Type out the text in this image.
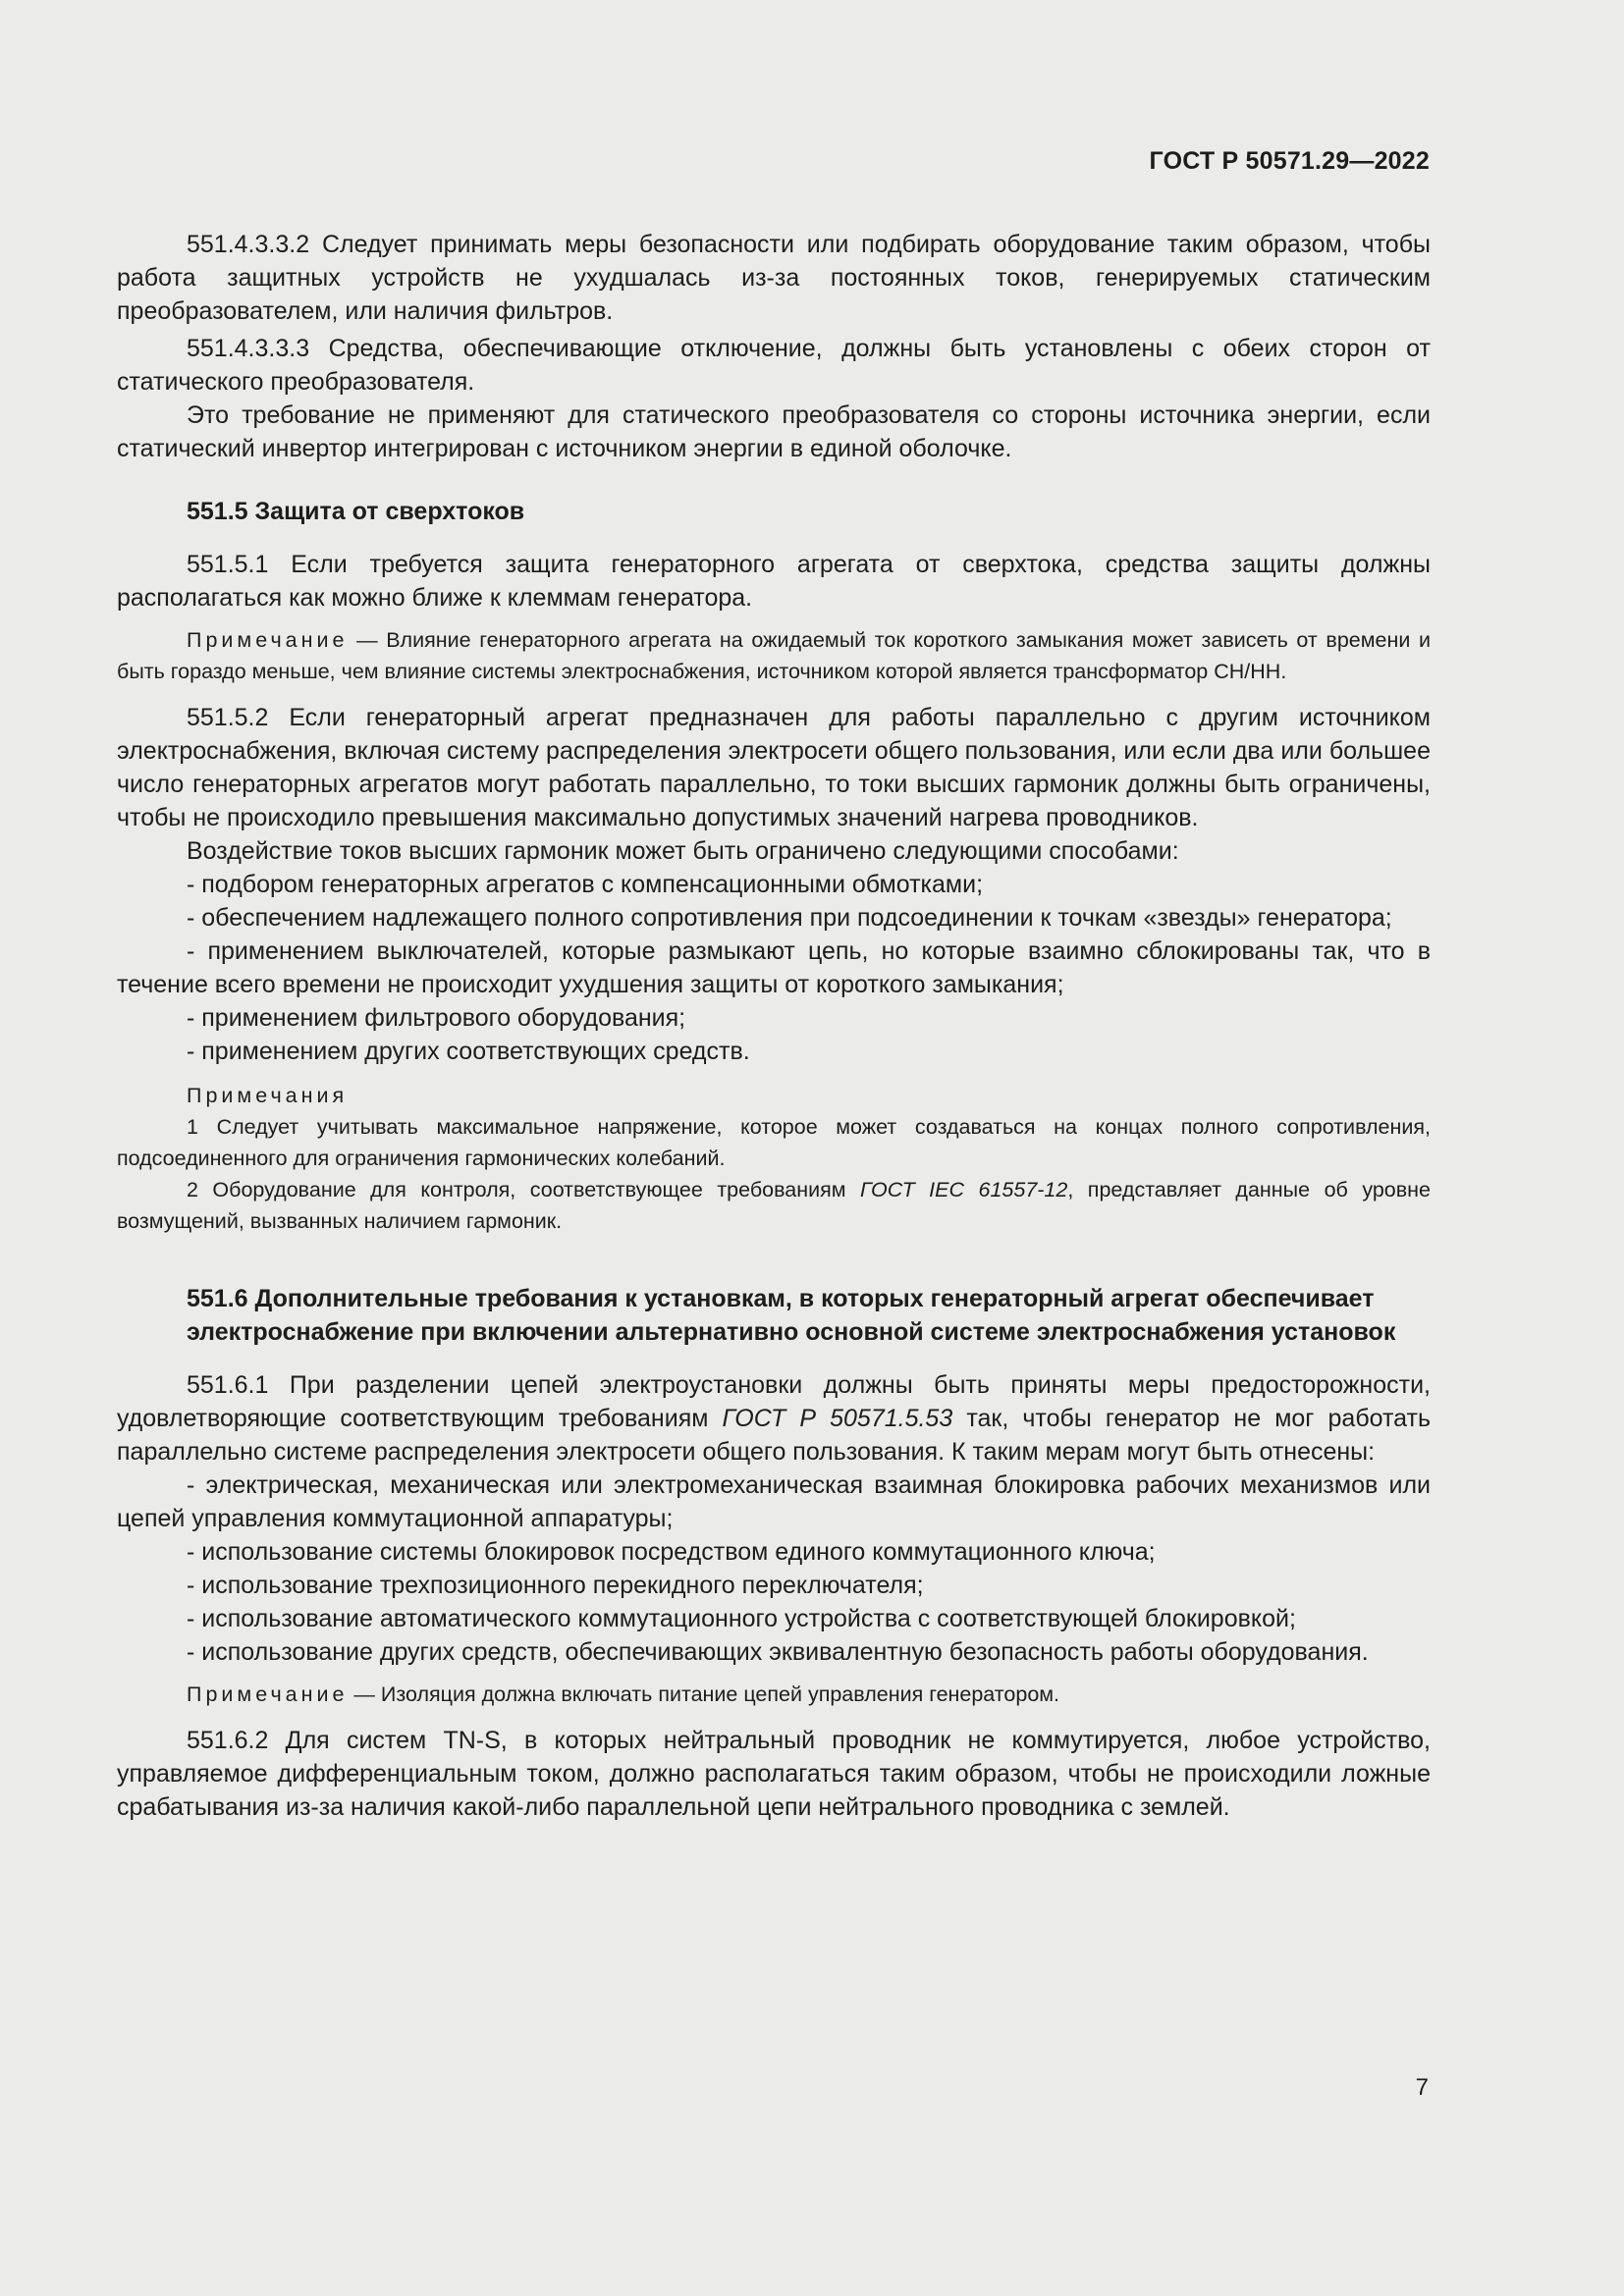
ГОСТ Р 50571.29—2022

551.4.3.3.2 Следует принимать меры безопасности или подбирать оборудование таким образом, чтобы работа защитных устройств не ухудшалась из-за постоянных токов, генерируемых статическим преобразователем, или наличия фильтров.

551.4.3.3.3 Средства, обеспечивающие отключение, должны быть установлены с обеих сторон от статического преобразователя.

Это требование не применяют для статического преобразователя со стороны источника энергии, если статический инвертор интегрирован с источником энергии в единой оболочке.

551.5 Защита от сверхтоков

551.5.1 Если требуется защита генераторного агрегата от сверхтока, средства защиты должны располагаться как можно ближе к клеммам генератора.

Примечание — Влияние генераторного агрегата на ожидаемый ток короткого замыкания может зависеть от времени и быть гораздо меньше, чем влияние системы электроснабжения, источником которой является трансформатор СН/НН.

551.5.2 Если генераторный агрегат предназначен для работы параллельно с другим источником электроснабжения, включая систему распределения электросети общего пользования, или если два или большее число генераторных агрегатов могут работать параллельно, то токи высших гармоник должны быть ограничены, чтобы не происходило превышения максимально допустимых значений нагрева проводников.

Воздействие токов высших гармоник может быть ограничено следующими способами:

- подбором генераторных агрегатов с компенсационными обмотками;

- обеспечением надлежащего полного сопротивления при подсоединении к точкам «звезды» генератора;

- применением выключателей, которые размыкают цепь, но которые взаимно сблокированы так, что в течение всего времени не происходит ухудшения защиты от короткого замыкания;

- применением фильтрового оборудования;

- применением других соответствующих средств.

Примечания

1 Следует учитывать максимальное напряжение, которое может создаваться на концах полного сопротивления, подсоединенного для ограничения гармонических колебаний.

2 Оборудование для контроля, соответствующее требованиям ГОСТ IEC 61557-12, представляет данные об уровне возмущений, вызванных наличием гармоник.

551.6 Дополнительные требования к установкам, в которых генераторный агрегат обеспечивает электроснабжение при включении альтернативно основной системе электроснабжения установок

551.6.1 При разделении цепей электроустановки должны быть приняты меры предосторожности, удовлетворяющие соответствующим требованиям ГОСТ Р 50571.5.53 так, чтобы генератор не мог работать параллельно системе распределения электросети общего пользования. К таким мерам могут быть отнесены:

- электрическая, механическая или электромеханическая взаимная блокировка рабочих механизмов или цепей управления коммутационной аппаратуры;

- использование системы блокировок посредством единого коммутационного ключа;

- использование трехпозиционного перекидного переключателя;

- использование автоматического коммутационного устройства с соответствующей блокировкой;

- использование других средств, обеспечивающих эквивалентную безопасность работы оборудования.

Примечание — Изоляция должна включать питание цепей управления генератором.

551.6.2 Для систем TN-S, в которых нейтральный проводник не коммутируется, любое устройство, управляемое дифференциальным током, должно располагаться таким образом, чтобы не происходили ложные срабатывания из-за наличия какой-либо параллельной цепи нейтрального проводника с землей.

7
